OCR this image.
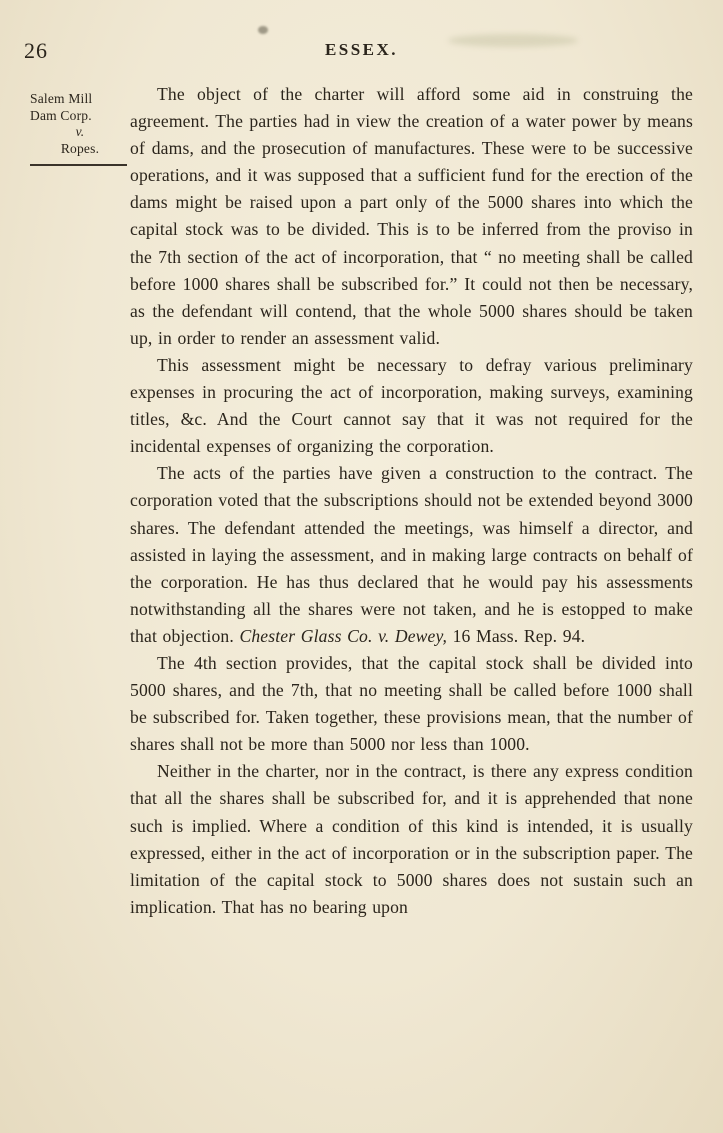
26	ESSEX.
Salem Mill
Dam Corp.
v.
Ropes.

The object of the charter will afford some aid in construing the agreement. The parties had in view the creation of a water power by means of dams, and the prosecution of manufactures. These were to be successive operations, and it was supposed that a sufficient fund for the erection of the dams might be raised upon a part only of the 5000 shares into which the capital stock was to be divided. This is to be inferred from the proviso in the 7th section of the act of incorporation, that “ no meeting shall be called before 1000 shares shall be subscribed for.” It could not then be necessary, as the defendant will contend, that the whole 5000 shares should be taken up, in order to render an assessment valid.

This assessment might be necessary to defray various preliminary expenses in procuring the act of incorporation, making surveys, examining titles, &c. And the Court cannot say that it was not required for the incidental expenses of organizing the corporation.

The acts of the parties have given a construction to the contract. The corporation voted that the subscriptions should not be extended beyond 3000 shares. The defendant attended the meetings, was himself a director, and assisted in laying the assessment, and in making large contracts on behalf of the corporation. He has thus declared that he would pay his assessments notwithstanding all the shares were not taken, and he is estopped to make that objection. Chester Glass Co. v. Dewey, 16 Mass. Rep. 94.

The 4th section provides, that the capital stock shall be divided into 5000 shares, and the 7th, that no meeting shall be called before 1000 shall be subscribed for. Taken together, these provisions mean, that the number of shares shall not be more than 5000 nor less than 1000.

Neither in the charter, nor in the contract, is there any express condition that all the shares shall be subscribed for, and it is apprehended that none such is implied. Where a condition of this kind is intended, it is usually expressed, either in the act of incorporation or in the subscription paper. The limitation of the capital stock to 5000 shares does not sustain such an implication. That has no bearing upon
